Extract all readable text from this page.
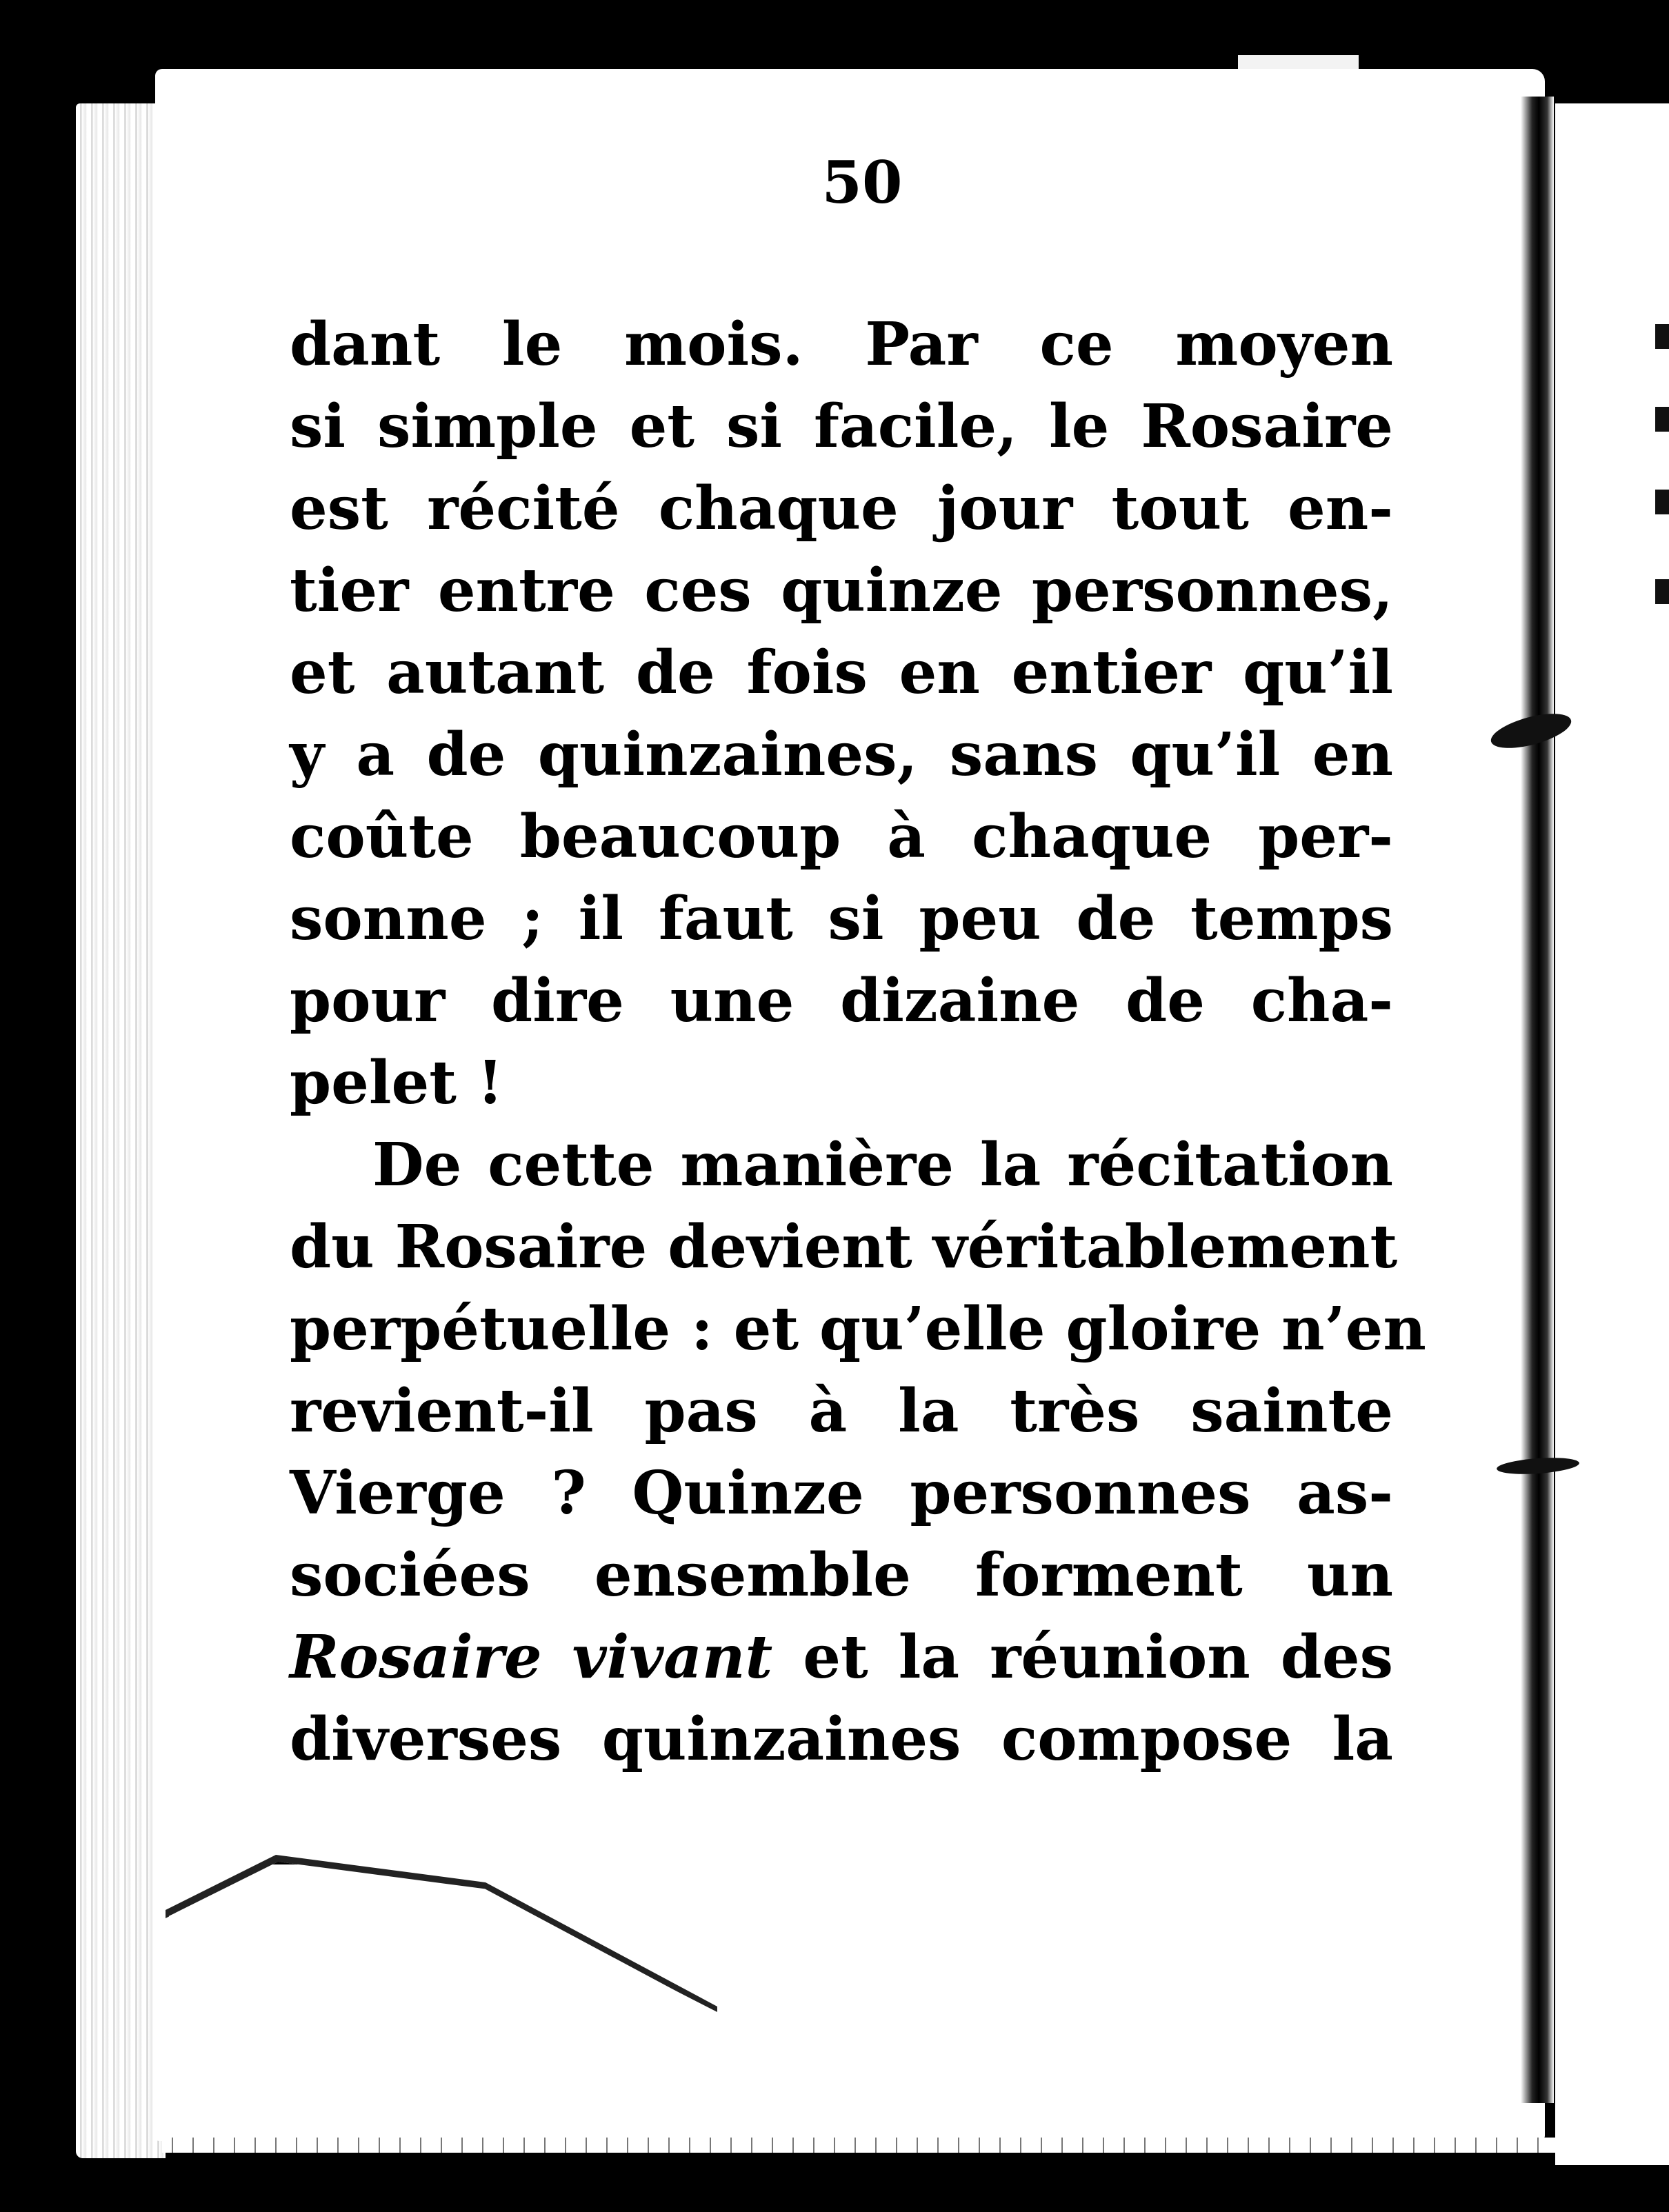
50

dant le mois. Par ce moyen
si simple et si facile, le Rosaire
est récité chaque jour tout en-
tier entre ces quinze personnes,
et autant de fois en entier qu’il
y a de quinzaines, sans qu’il en
coûte beaucoup à chaque per-
sonne ; il faut si peu de temps
pour dire une dizaine de cha-
pelet !
De cette manière la récitation
du Rosaire devient véritablement
perpétuelle : et qu’elle gloire n’en
revient-il pas à la très sainte
Vierge ? Quinze personnes as-
sociées ensemble forment un
Rosaire vivant et la réunion des
diverses quinzaines compose la
